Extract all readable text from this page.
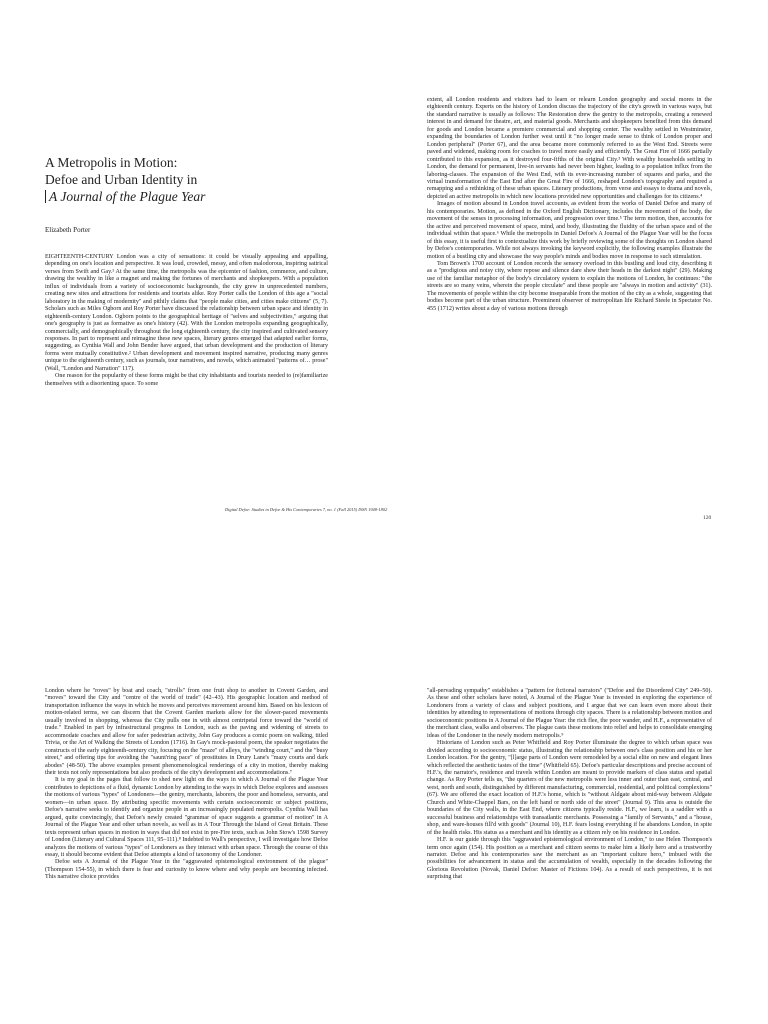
A Metropolis in Motion:
Defoe and Urban Identity in
A Journal of the Plague Year
Elizabeth Porter

EIGHTEENTH-CENTURY London was a city of sensations: it could be visually appealing and appalling, depending on one's location and perspective. It was loud, crowded, messy, and often malodorous, inspiring satirical verses from Swift and Gay.¹ At the same time, the metropolis was the epicenter of fashion, commerce, and culture, drawing the wealthy in like a magnet and making the fortunes of merchants and shopkeepers. With a population influx of individuals from a variety of socioeconomic backgrounds, the city grew in unprecedented numbers, creating new sites and attractions for residents and tourists alike. Roy Porter calls the London of this age a "social laboratory in the making of modernity" and pithily claims that "people make cities, and cities make citizens" (5, 7). Scholars such as Miles Ogborn and Roy Porter have discussed the relationship between urban space and identity in eighteenth-century London. Ogborn points to the geographical heritage of "selves and subjectivities," arguing that one's geography is just as formative as one's history (42). With the London metropolis expanding geographically, commercially, and demographically throughout the long eighteenth century, the city inspired and cultivated sensory responses. In part to represent and reimagine these new spaces, literary genres emerged that adapted earlier forms, suggesting, as Cynthia Wall and John Bender have argued, that urban development and the production of literary forms were mutually constitutive.² Urban development and movement inspired narrative, producing many genres unique to the eighteenth century, such as journals, tour narratives, and novels, which animated "patterns of… prose" (Wall, "London and Narration" 117).

One reason for the popularity of these forms might be that city inhabitants and tourists needed to (re)familiarize themselves with a disorienting space. To some

extent, all London residents and visitors had to learn or relearn London geography and social mores in the eighteenth century. Experts on the history of London discuss the trajectory of the city's growth in various ways, but the standard narrative is usually as follows: The Restoration drew the gentry to the metropolis, creating a renewed interest in and demand for theatre, art, and material goods. Merchants and shopkeepers benefited from this demand for goods and London became a premiere commercial and shopping center. The wealthy settled in Westminster, expanding the boundaries of London further west until it "no longer made sense to think of London proper and London peripheral" (Porter 67), and the area became more commonly referred to as the West End. Streets were paved and widened, making room for coaches to travel more easily and efficiently. The Great Fire of 1666 partially contributed to this expansion, as it destroyed four-fifths of the original City.³ With wealthy households settling in London, the demand for permanent, live-in servants had never been higher, leading to a population influx from the laboring-classes. The expansion of the West End, with its ever-increasing number of squares and parks, and the virtual transformation of the East End after the Great Fire of 1666, reshaped London's topography and required a remapping and a rethinking of these urban spaces. Literary productions, from verse and essays to drama and novels, depicted an active metropolis in which new locations provided new opportunities and challenges for its citizens.⁴

Images of motion abound in London travel accounts, as evident from the works of Daniel Defoe and many of his contemporaries. Motion, as defined in the Oxford English Dictionary, includes the movement of the body, the movement of the senses in processing information, and progression over time.⁵ The term motion, then, accounts for the active and perceived movement of space, mind, and body, illustrating the fluidity of the urban space and of the individual within that space.⁶ While the metropolis in Daniel Defoe's A Journal of the Plague Year will be the focus of this essay, it is useful first to contextualize this work by briefly reviewing some of the thoughts on London shared by Defoe's contemporaries. While not always invoking the keyword explicitly, the following examples illustrate the motion of a bustling city and showcase the way people's minds and bodies move in response to such stimulation.

Tom Brown's 1700 account of London records the sensory overload in this bustling and loud city, describing it as a "prodigious and noisy city, where repose and silence dare shew their heads in the darkest night" (29). Making use of the familiar metaphor of the body's circulatory system to explain the motions of London, he continues: "the streets are so many veins, wherein the people circulate" and these people are "always in motion and activity" (31). The movements of people within the city become inseparable from the motion of the city as a whole, suggesting that bodies become part of the urban structure. Preeminent observer of metropolitan life Richard Steele in Spectator No. 455 (1712) writes about a day of various motions through

Digital Defoe: Studies in Defoe & His Contemporaries 7, no. 1 (Fall 2015) ISSN 1948-1802
120

London where he "roves" by boat and coach, "strolls" from one fruit shop to another in Covent Garden, and "moves" toward the City and "centre of the world of trade" (42–43). His geographic location and method of transportation influence the ways in which he moves and perceives movement around him. Based on his lexicon of motion-related terms, we can discern that the Covent Garden markets allow for the slower-paced movements usually involved in shopping, whereas the City pulls one in with almost centripetal force toward the "world of trade." Enabled in part by infrastructural progress in London, such as the paving and widening of streets to accommodate coaches and allow for safer pedestrian activity, John Gay produces a comic poem on walking, titled Trivia, or the Art of Walking the Streets of London (1716). In Gay's mock-pastoral poem, the speaker negotiates the constructs of the early eighteenth-century city, focusing on the "maze" of alleys, the "winding court," and the "busy street," and offering tips for avoiding the "saunt'ring pace" of prostitutes in Drury Lane's "mazy courts and dark abodes" (48-50). The above examples present phenomenological renderings of a city in motion, thereby making their texts not only representations but also products of the city's development and accommodations.⁷

It is my goal in the pages that follow to shed new light on the ways in which A Journal of the Plague Year contributes to depictions of a fluid, dynamic London by attending to the ways in which Defoe explores and assesses the motions of various "types" of Londoners—the gentry, merchants, laborers, the poor and homeless, servants, and women—in urban space. By attributing specific movements with certain socioeconomic or subject positions, Defoe's narrative seeks to identify and organize people in an increasingly populated metropolis. Cynthia Wall has argued, quite convincingly, that Defoe's newly created "grammar of space suggests a grammar of motion" in A Journal of the Plague Year and other urban novels, as well as in A Tour Through the Island of Great Britain. These texts represent urban spaces in motion in ways that did not exist in pre-Fire texts, such as John Stow's 1598 Survey of London (Literary and Cultural Spaces 111, 95–111).⁸ Indebted to Wall's perspective, I will investigate how Defoe analyzes the motions of various "types" of Londoners as they interact with urban space. Through the course of this essay, it should become evident that Defoe attempts a kind of taxonomy of the Londoner.

Defoe sets A Journal of the Plague Year in the "aggravated epistemological environment of the plague" (Thompson 154-55), in which there is fear and curiosity to know where and why people are becoming infected. This narrative choice provides

"all-pervading sympathy" establishes a "pattern for fictional narrators" ("Defoe and the Disordered City" 249–50). As these and other scholars have noted, A Journal of the Plague Year is invested in exploring the experience of Londoners from a variety of class and subject positions, and I argue that we can learn even more about their identities by attending to representations of motions through city spaces. There is a relationship between motion and socioeconomic positions in A Journal of the Plague Year: the rich flee, the poor wander, and H.F., a representative of the merchant class, walks and observes. The plague casts these motions into relief and helps to consolidate emerging ideas of the Londoner in the newly modern metropolis.⁹

Historians of London such as Peter Whitfield and Roy Porter illuminate the degree to which urban space was divided according to socioeconomic status, illustrating the relationship between one's class position and his or her London location. For the gentry, "[l]arge parts of London were remodeled by a social elite on new and elegant lines which reflected the aesthetic tastes of the time" (Whitfield 65). Defoe's particular descriptions and precise account of H.F.'s, the narrator's, residence and travels within London are meant to provide markers of class status and spatial change. As Roy Porter tells us, "the quarters of the new metropolis were less inner and outer than east, central, and west, north and south, distinguished by different manufacturing, commercial, residential, and political complexions" (67). We are offered the exact location of H.F.'s home, which is "without Aldgate about mid-way between Aldgate Church and White-Chappel Bars, on the left hand or north side of the street" (Journal 9). This area is outside the boundaries of the City walls, in the East End, where citizens typically reside. H.F., we learn, is a saddler with a successful business and relationships with transatlantic merchants. Possessing a "family of Servants," and a "house, shop, and ware-houses fill'd with goods" (Journal 10), H.F. fears losing everything if he abandons London, in spite of the health risks. His status as a merchant and his identity as a citizen rely on his residence in London.

H.F. is our guide through this "aggravated epistemological environment of London," to use Helen Thompson's term once again (154). His position as a merchant and citizen seems to make him a likely hero and a trustworthy narrator. Defoe and his contemporaries saw the merchant as an "important culture hero," imbued with the possibilities for advancement in status and the accumulation of wealth, especially in the decades following the Glorious Revolution (Novak, Daniel Defoe: Master of Fictions 104). As a result of such perspectives, it is not surprising that
